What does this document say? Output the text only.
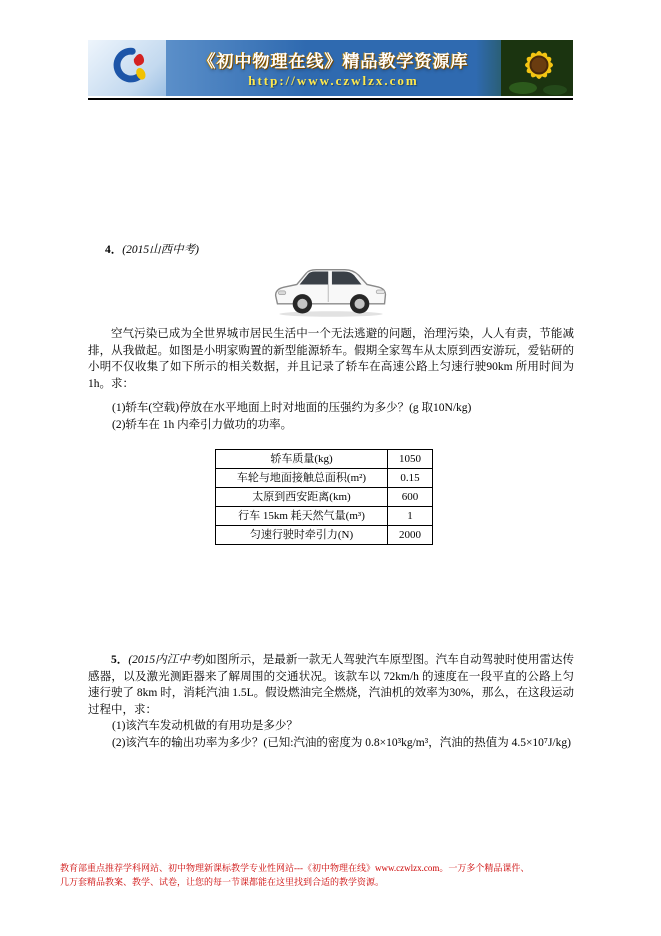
《初中物理在线》精品教学资源库
http://www.czwlzx.com

4．(2015山西中考)

空气污染已成为全世界城市居民生活中一个无法逃避的问题，治理污染，人人有责，节能减排，从我做起。如图是小明家购置的新型能源轿车。假期全家驾车从太原到西安游玩，爱钻研的小明不仅收集了如下所示的相关数据，并且记录了轿车在高速公路上匀速行驶90km 所用时间为1h。求：

(1)轿车(空载)停放在水平地面上时对地面的压强约为多少？(g 取10N/kg)

(2)轿车在 1h 内牵引力做功的功率。

轿车质量(kg)	1050
车轮与地面接触总面积(m²)	0.15
太原到西安距离(km)	600
行车 15km 耗天然气量(m³)	1
匀速行驶时牵引力(N)	2000

5．(2015内江中考)如图所示，是最新一款无人驾驶汽车原型图。汽车自动驾驶时使用雷达传感器，以及激光测距器来了解周围的交通状况。该款车以 72km/h 的速度在一段平直的公路上匀速行驶了 8km 时，消耗汽油 1.5L。假设燃油完全燃烧，汽油机的效率为30%，那么，在这段运动过程中，求：

(1)该汽车发动机做的有用功是多少？

(2)该汽车的输出功率为多少？(已知:汽油的密度为 0.8×10³kg/m³，汽油的热值为 4.5×10⁷J/kg)

教育部重点推荐学科网站、初中物理新课标教学专业性网站---《初中物理在线》www.czwlzx.com。一万多个精品课件、
几万套精品教案、教学、试卷，让您的每一节课都能在这里找到合适的教学资源。
